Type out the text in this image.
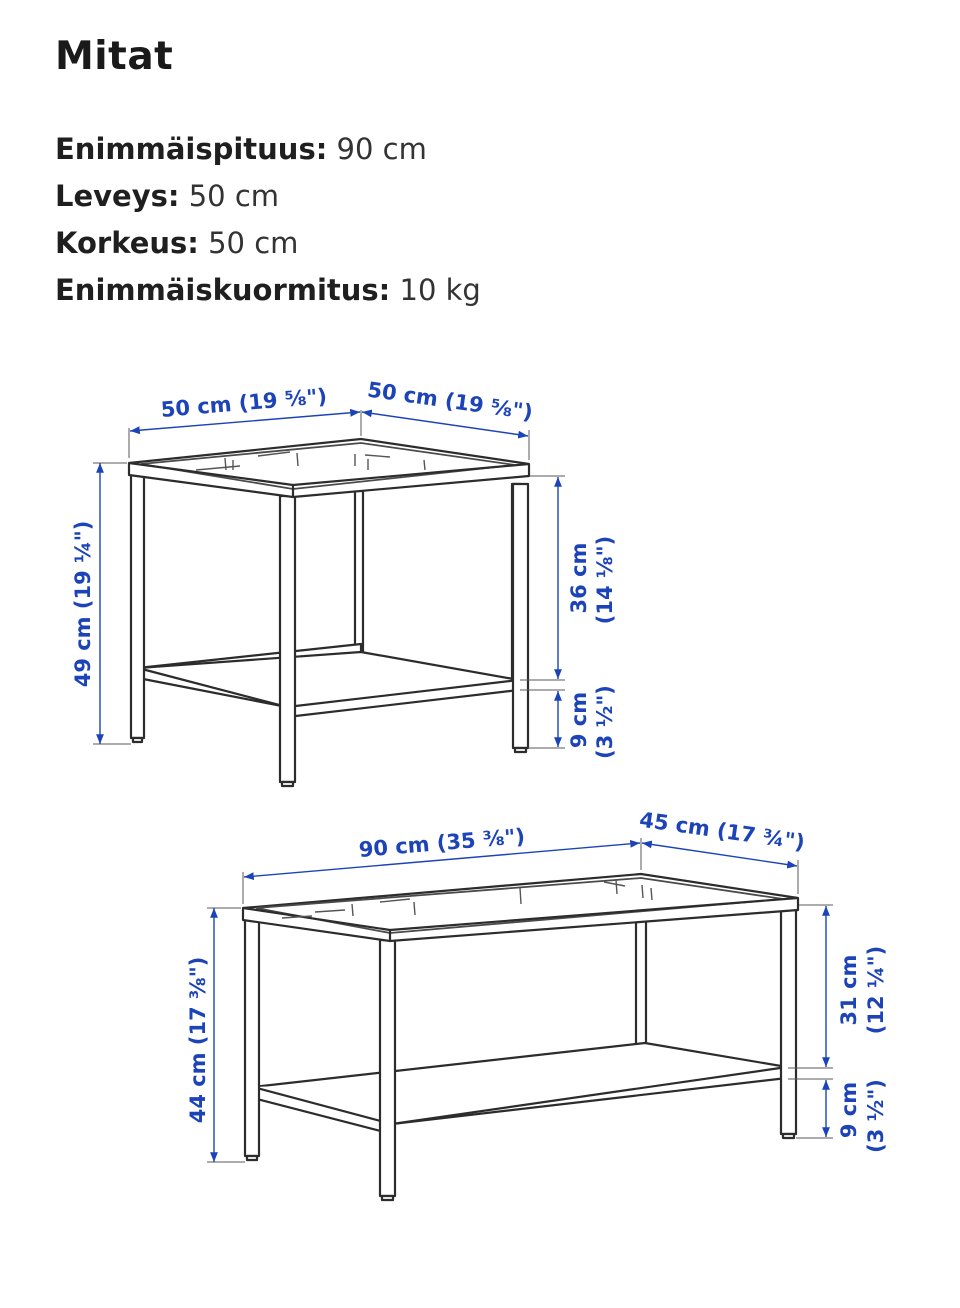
Mitat
Enimmäispituus: 90 cm
Leveys: 50 cm
Korkeus: 50 cm
Enimmäiskuormitus: 10 kg
50 cm (19 ⅝") 50 cm (19 ⅝")
49 cm (19 ¼")	36 cm (14 ⅛")
9 cm (3 ½")
90 cm (35 ⅜")	45 cm (17 ¾")
44 cm (17 ⅜")	31 cm (12 ¼")
9 cm (3 ½")
